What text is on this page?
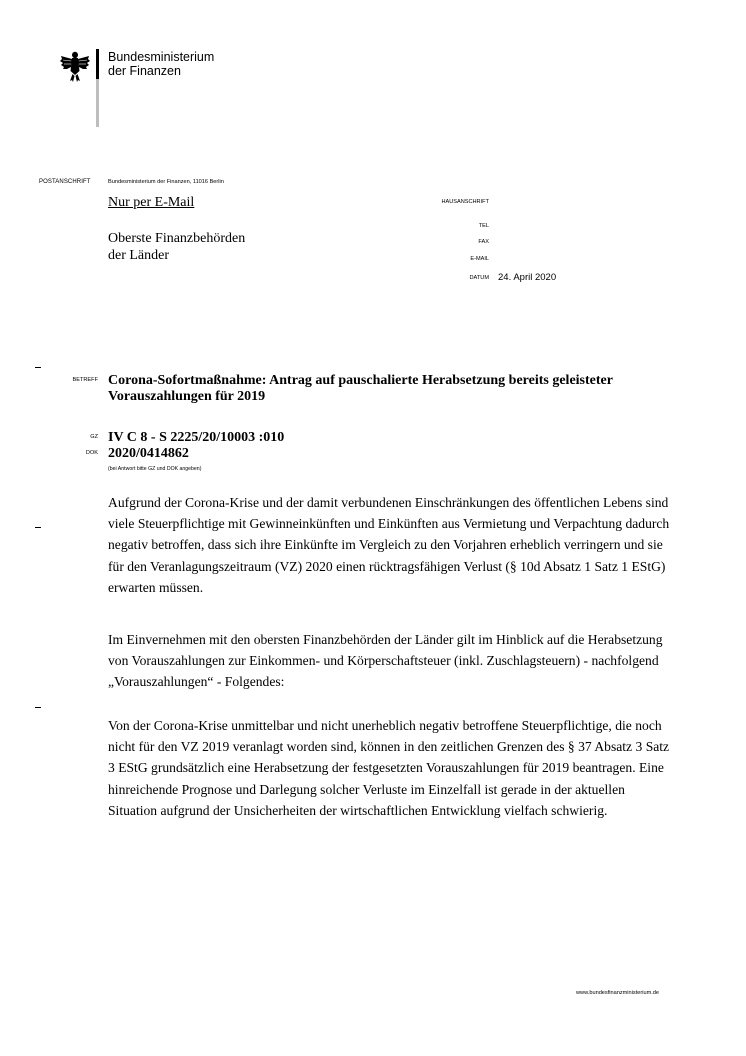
Bundesministerium
der Finanzen
POSTANSCHRIFT	Bundesministerium der Finanzen, 11016 Berlin
Nur per E-Mail
Oberste Finanzbehörden
der Länder
HAUSANSCHRIFT
TEL
FAX
E-MAIL
DATUM 24. April 2020
BETREFF Corona-Sofortmaßnahme: Antrag auf pauschalierte Herabsetzung bereits geleisteter Vorauszahlungen für 2019
GZ IV C 8 - S 2225/20/10003 :010
DOK 2020/0414862
(bei Antwort bitte GZ und DOK angeben)
Aufgrund der Corona-Krise und der damit verbundenen Einschränkungen des öffentlichen Lebens sind viele Steuerpflichtige mit Gewinneinkünften und Einkünften aus Vermietung und Verpachtung dadurch negativ betroffen, dass sich ihre Einkünfte im Vergleich zu den Vorjahren erheblich verringern und sie für den Veranlagungszeitraum (VZ) 2020 einen rücktragsfähigen Verlust (§ 10d Absatz 1 Satz 1 EStG) erwarten müssen.
Im Einvernehmen mit den obersten Finanzbehörden der Länder gilt im Hinblick auf die Herabsetzung von Vorauszahlungen zur Einkommen- und Körperschaftsteuer (inkl. Zuschlagsteuern) - nachfolgend „Vorauszahlungen“ - Folgendes:
Von der Corona-Krise unmittelbar und nicht unerheblich negativ betroffene Steuerpflichtige, die noch nicht für den VZ 2019 veranlagt worden sind, können in den zeitlichen Grenzen des § 37 Absatz 3 Satz 3 EStG grundsätzlich eine Herabsetzung der festgesetzten Vorauszahlungen für 2019 beantragen. Eine hinreichende Prognose und Darlegung solcher Verluste im Einzelfall ist gerade in der aktuellen Situation aufgrund der Unsicherheiten der wirtschaftlichen Entwicklung vielfach schwierig.
www.bundesfinanzministerium.de
